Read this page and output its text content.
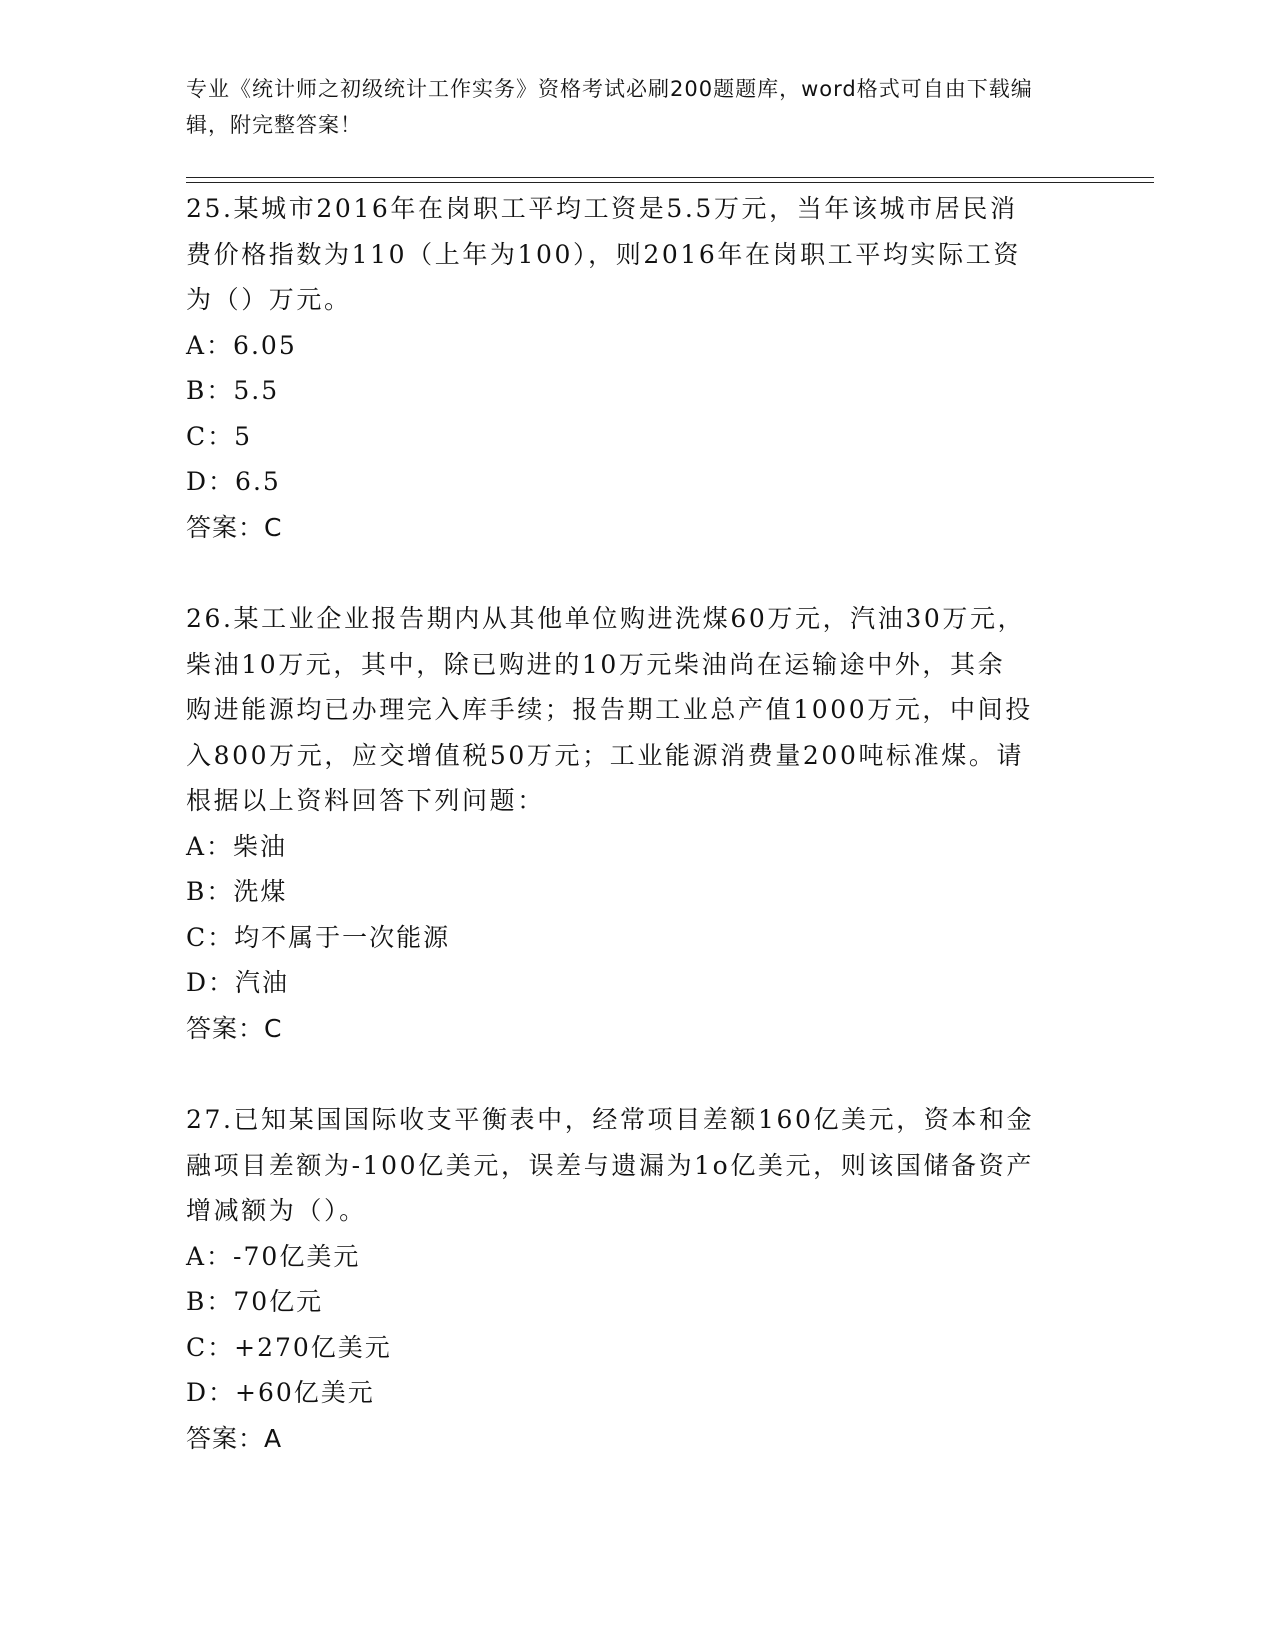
专业《统计师之初级统计工作实务》资格考试必刷200题题库，word格式可自由下载编辑，附完整答案！
25.某城市2016年在岗职工平均工资是5.5万元，当年该城市居民消
费价格指数为110（上年为100），则2016年在岗职工平均实际工资
为（）万元。
A：6.05
B：5.5
C：5
D：6.5
答案：C
26.某工业企业报告期内从其他单位购进洗煤60万元，汽油30万元，
柴油10万元，其中，除已购进的10万元柴油尚在运输途中外，其余
购进能源均已办理完入库手续；报告期工业总产值1000万元，中间投
入800万元，应交增值税50万元；工业能源消费量200吨标准煤。请
根据以上资料回答下列问题：
A：柴油
B：洗煤
C：均不属于一次能源
D：汽油
答案：C
27.已知某国国际收支平衡表中，经常项目差额160亿美元，资本和金
融项目差额为-100亿美元，误差与遗漏为1o亿美元，则该国储备资产
增减额为（）。
A：-70亿美元
B：70亿元
C：+270亿美元
D：+60亿美元
答案：A
